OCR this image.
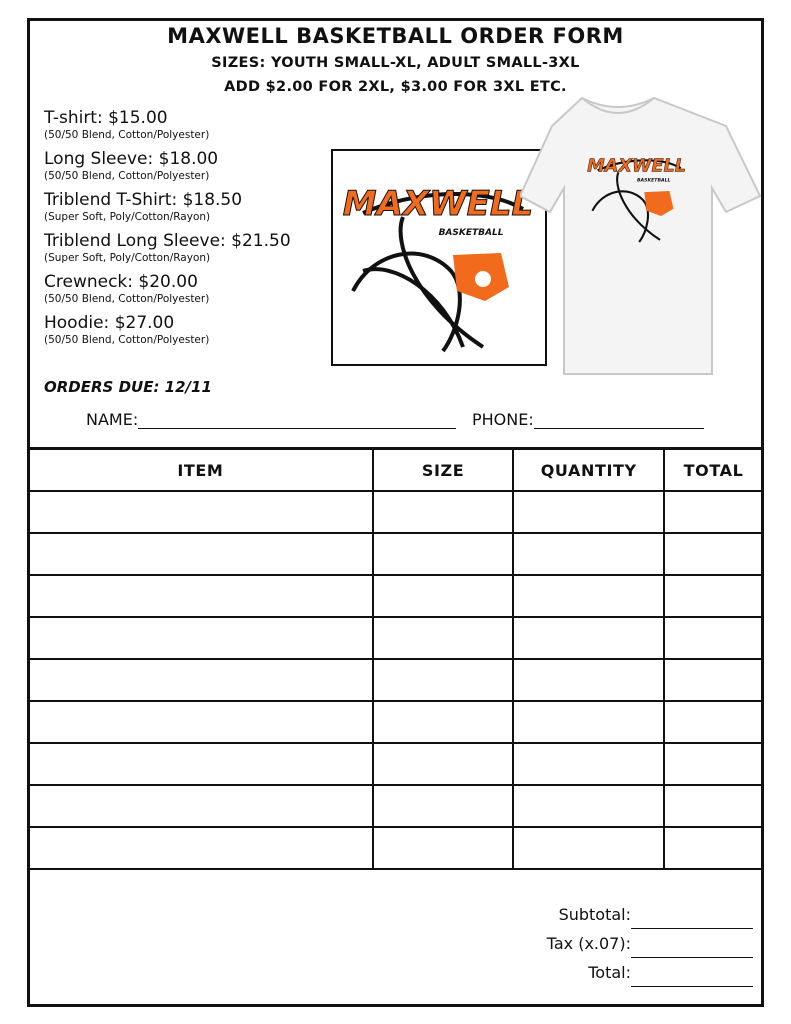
MAXWELL BASKETBALL ORDER FORM
SIZES: YOUTH SMALL-XL, ADULT SMALL-3XL
ADD $2.00 FOR 2XL, $3.00 FOR 3XL ETC.
T-shirt: $15.00
(50/50 Blend, Cotton/Polyester)
Long Sleeve: $18.00
(50/50 Blend, Cotton/Polyester)
Triblend T-Shirt: $18.50
(Super Soft, Poly/Cotton/Rayon)
Triblend Long Sleeve: $21.50
(Super Soft, Poly/Cotton/Rayon)
Crewneck: $20.00
(50/50 Blend, Cotton/Polyester)
Hoodie: $27.00
(50/50 Blend, Cotton/Polyester)
MAXWELL
BASKETBALL
MAXWELL
BASKETBALL
ORDERS DUE: 12/11
NAME:	PHONE:
ITEM	SIZE	QUANTITY	TOTAL

Subtotal:
Tax (x.07):
Total:
